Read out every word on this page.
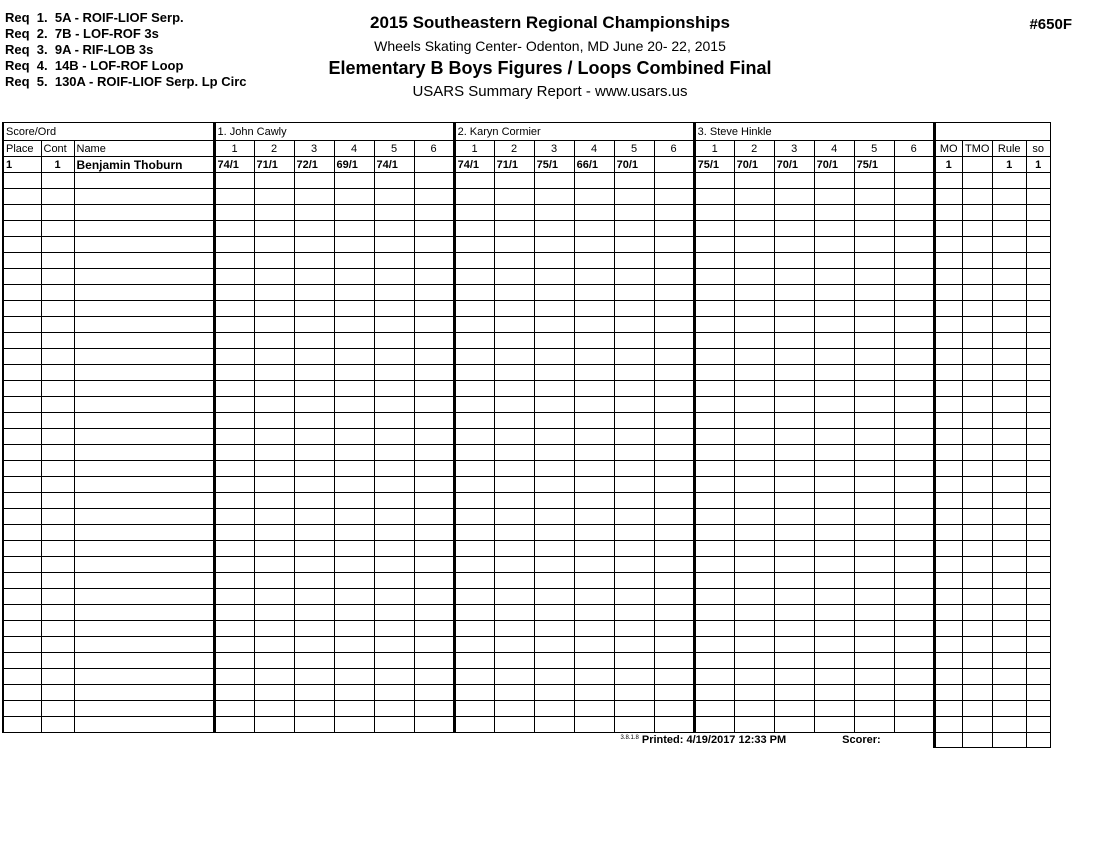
Req  1.  5A - ROIF-LIOF Serp.
Req  2.  7B - LOF-ROF 3s
Req  3.  9A - RIF-LOB 3s
Req  4.  14B - LOF-ROF Loop
Req  5.  130A - ROIF-LIOF Serp. Lp Circ
2015 Southeastern Regional Championships
Wheels Skating Center- Odenton, MD June 20- 22, 2015
Elementary B Boys Figures / Loops Combined Final
USARS Summary Report - www.usars.us
#650F
Score/Ord			1. John Cawly						2. Karyn Cormier						3. Steve Hinkle									
Place	Cont	Name	1	2	3	4	5	6	1	2	3	4	5	6	1	2	3	4	5	6	MO	TMO	Rule	so
1	1	Benjamin Thoburn	74/1	71/1	72/1	69/1	74/1		74/1	71/1	75/1	66/1	70/1		75/1	70/1	70/1	70/1	75/1		1		1	1

$^{3.8.1.8}$ Printed: 4/19/2017 12:33 PM Scorer:																								
